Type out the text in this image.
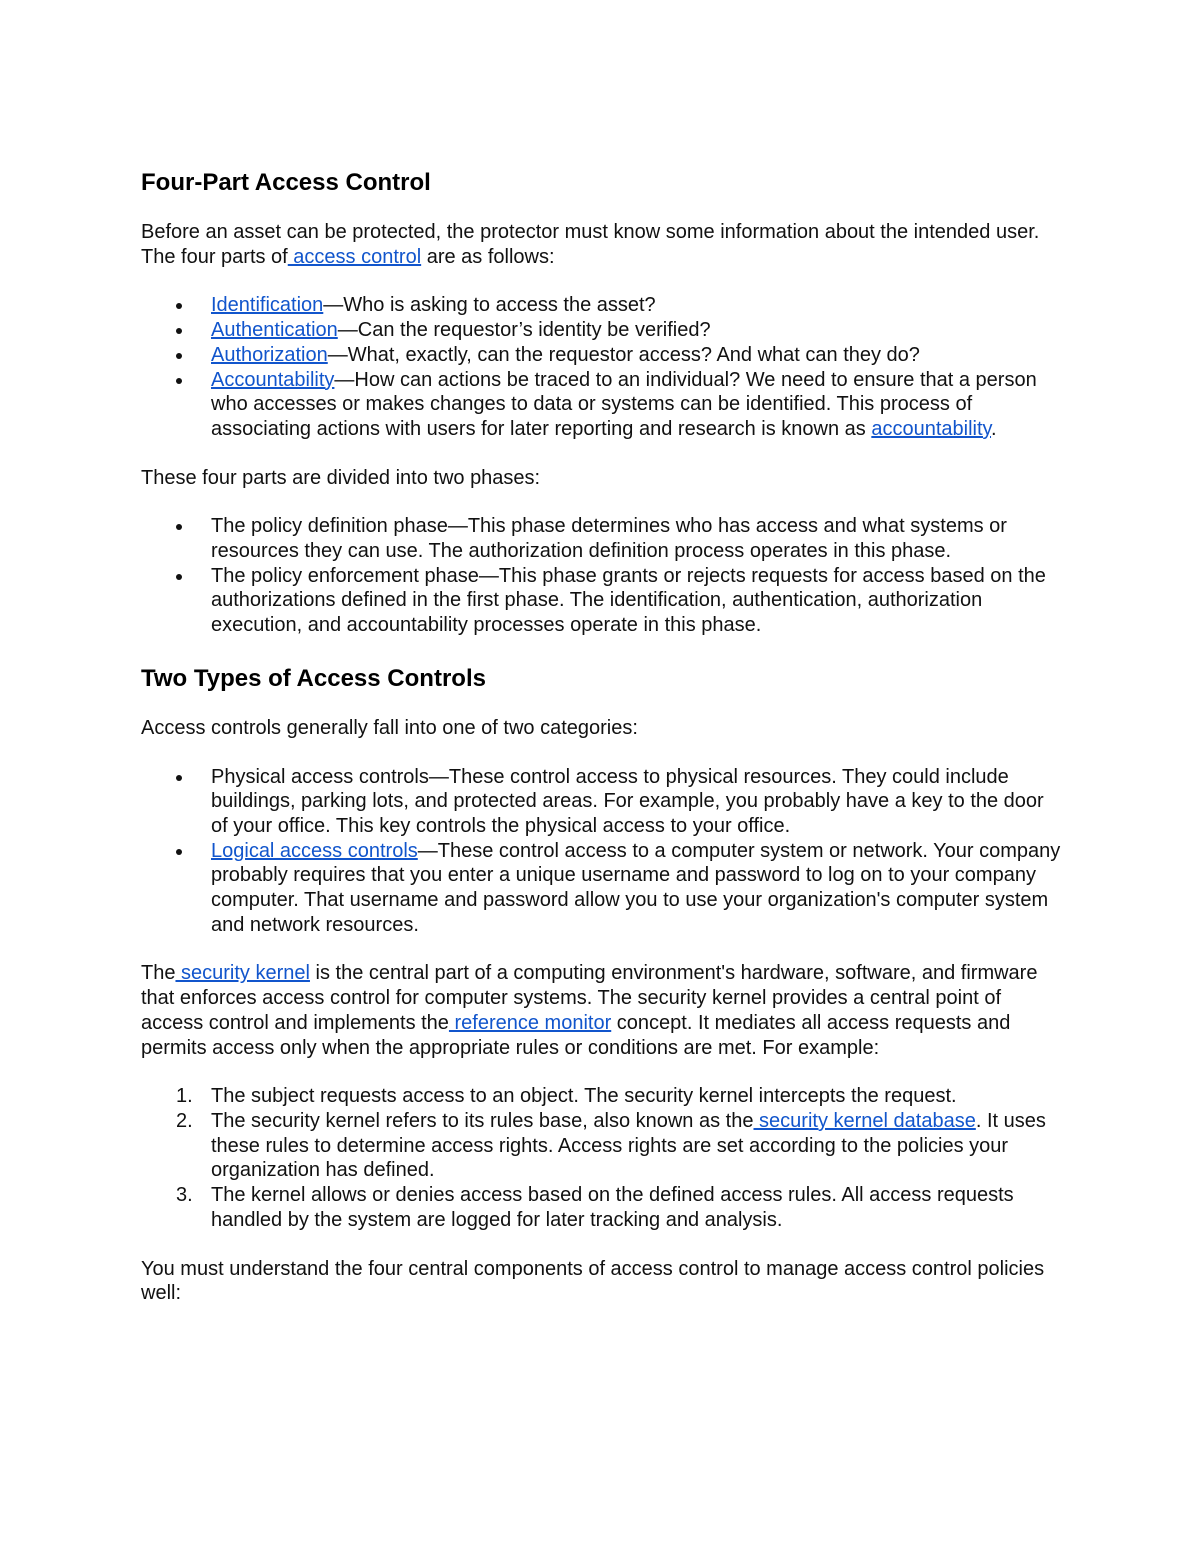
Four-Part Access Control

Before an asset can be protected, the protector must know some information about the intended user. The four parts of access control are as follows:

Identification—Who is asking to access the asset?
Authentication—Can the requestor’s identity be verified?
Authorization—What, exactly, can the requestor access? And what can they do?
Accountability—How can actions be traced to an individual? We need to ensure that a person who accesses or makes changes to data or systems can be identified. This process of associating actions with users for later reporting and research is known as accountability.

These four parts are divided into two phases:

The policy definition phase—This phase determines who has access and what systems or resources they can use. The authorization definition process operates in this phase.
The policy enforcement phase—This phase grants or rejects requests for access based on the authorizations defined in the first phase. The identification, authentication, authorization execution, and accountability processes operate in this phase.
Two Types of Access Controls

Access controls generally fall into one of two categories:

Physical access controls—These control access to physical resources. They could include buildings, parking lots, and protected areas. For example, you probably have a key to the door of your office. This key controls the physical access to your office.
Logical access controls—These control access to a computer system or network. Your company probably requires that you enter a unique username and password to log on to your company computer. That username and password allow you to use your organization's computer system and network resources.

The security kernel is the central part of a computing environment's hardware, software, and firmware that enforces access control for computer systems. The security kernel provides a central point of access control and implements the reference monitor concept. It mediates all access requests and permits access only when the appropriate rules or conditions are met. For example:

1. The subject requests access to an object. The security kernel intercepts the request.
2. The security kernel refers to its rules base, also known as the security kernel database. It uses these rules to determine access rights. Access rights are set according to the policies your organization has defined.
3. The kernel allows or denies access based on the defined access rules. All access requests handled by the system are logged for later tracking and analysis.

You must understand the four central components of access control to manage access control policies well:
